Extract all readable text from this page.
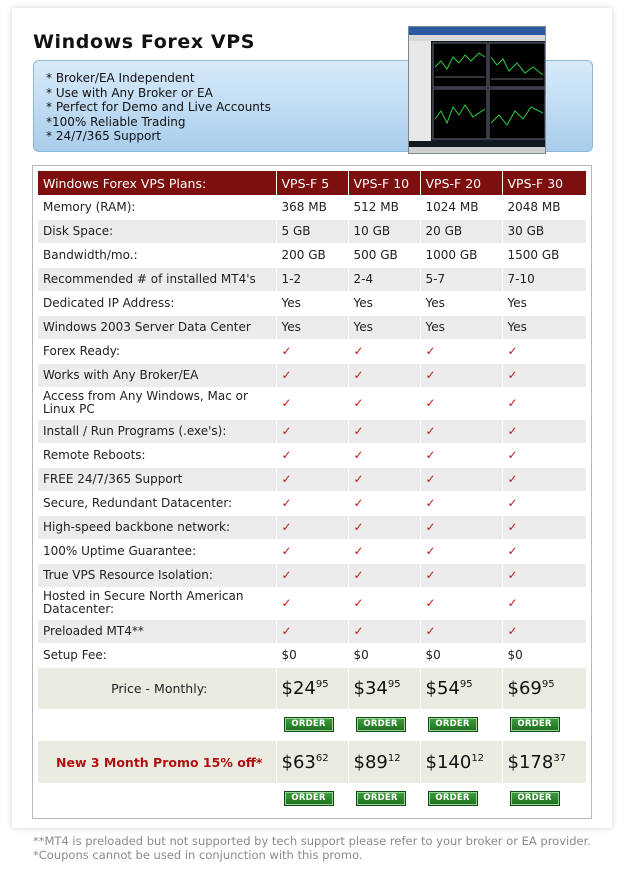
Windows Forex VPS
* Broker/EA Independent
* Use with Any Broker or EA
* Perfect for Demo and Live Accounts
*100% Reliable Trading
* 24/7/365 Support
Windows Forex VPS Plans:	VPS-F 5	VPS-F 10	VPS-F 20	VPS-F 30
Memory (RAM):	368 MB	512 MB	1024 MB	2048 MB
Disk Space:	5 GB	10 GB	20 GB	30 GB
Bandwidth/mo.:	200 GB	500 GB	1000 GB	1500 GB
Recommended # of installed MT4's	1-2	2-4	5-7	7-10
Dedicated IP Address:	Yes	Yes	Yes	Yes
Windows 2003 Server Data Center	Yes	Yes	Yes	Yes
Forex Ready:	✓	✓	✓	✓
Works with Any Broker/EA	✓	✓	✓	✓
Access from Any Windows, Mac or Linux PC	✓	✓	✓	✓
Install / Run Programs (.exe's):	✓	✓	✓	✓
Remote Reboots:	✓	✓	✓	✓
FREE 24/7/365 Support	✓	✓	✓	✓
Secure, Redundant Datacenter:	✓	✓	✓	✓
High-speed backbone network:	✓	✓	✓	✓
100% Uptime Guarantee:	✓	✓	✓	✓
True VPS Resource Isolation:	✓	✓	✓	✓
Hosted in Secure North American Datacenter:	✓	✓	✓	✓
Preloaded MT4**	✓	✓	✓	✓
Setup Fee:	$0	$0	$0	$0
Price - Monthly:	$\$24^{95}$	$\$34^{95}$	$\$54^{95}$	$\$69^{95}$
	ORDER	ORDER	ORDER	ORDER

New 3 Month Promo 15% off*	$\$63^{62}$	$\$89^{12}$	$\$140^{12}$	$\$178^{37}$
	ORDER	ORDER	ORDER	ORDER
**MT4 is preloaded but not supported by tech support please refer to your broker or EA provider. *Coupons cannot be used in conjunction with this promo.
